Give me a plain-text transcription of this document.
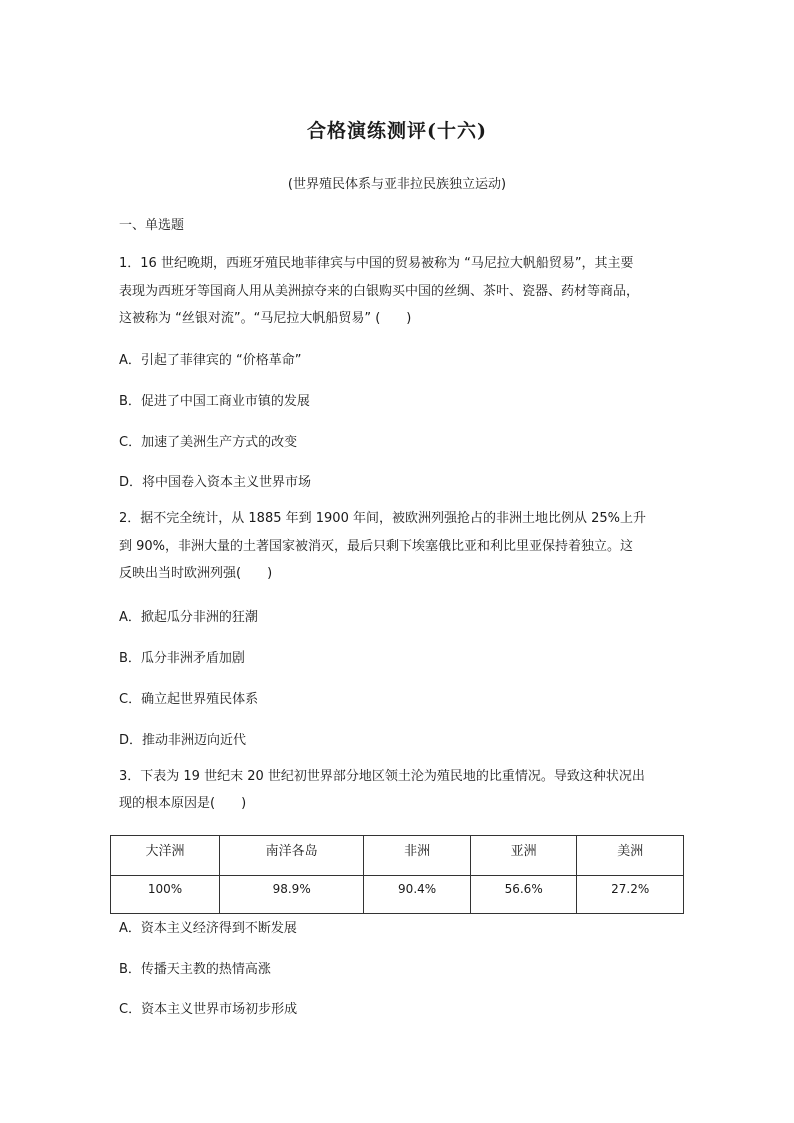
合格演练测评(十六)
(世界殖民体系与亚非拉民族独立运动)
一、单选题
1．16 世纪晚期，西班牙殖民地菲律宾与中国的贸易被称为 “马尼拉大帆船贸易”，其主要
表现为西班牙等国商人用从美洲掠夺来的白银购买中国的丝绸、茶叶、瓷器、药材等商品，
这被称为 “丝银对流”。“马尼拉大帆船贸易” (　　)
A．引起了菲律宾的 “价格革命”
B．促进了中国工商业市镇的发展
C．加速了美洲生产方式的改变
D．将中国卷入资本主义世界市场
2．据不完全统计，从 1885 年到 1900 年间，被欧洲列强抢占的非洲土地比例从 25%上升
到 90%，非洲大量的土著国家被消灭，最后只剩下埃塞俄比亚和利比里亚保持着独立。这
反映出当时欧洲列强(　　)
A．掀起瓜分非洲的狂潮
B．瓜分非洲矛盾加剧
C．确立起世界殖民体系
D．推动非洲迈向近代
3．下表为 19 世纪末 20 世纪初世界部分地区领土沦为殖民地的比重情况。导致这种状况出
现的根本原因是(　　)
大洋洲	南洋各岛	非洲	亚洲	美洲
100%	98.9%	90.4%	56.6%	27.2%
A．资本主义经济得到不断发展
B．传播天主教的热情高涨
C．资本主义世界市场初步形成
